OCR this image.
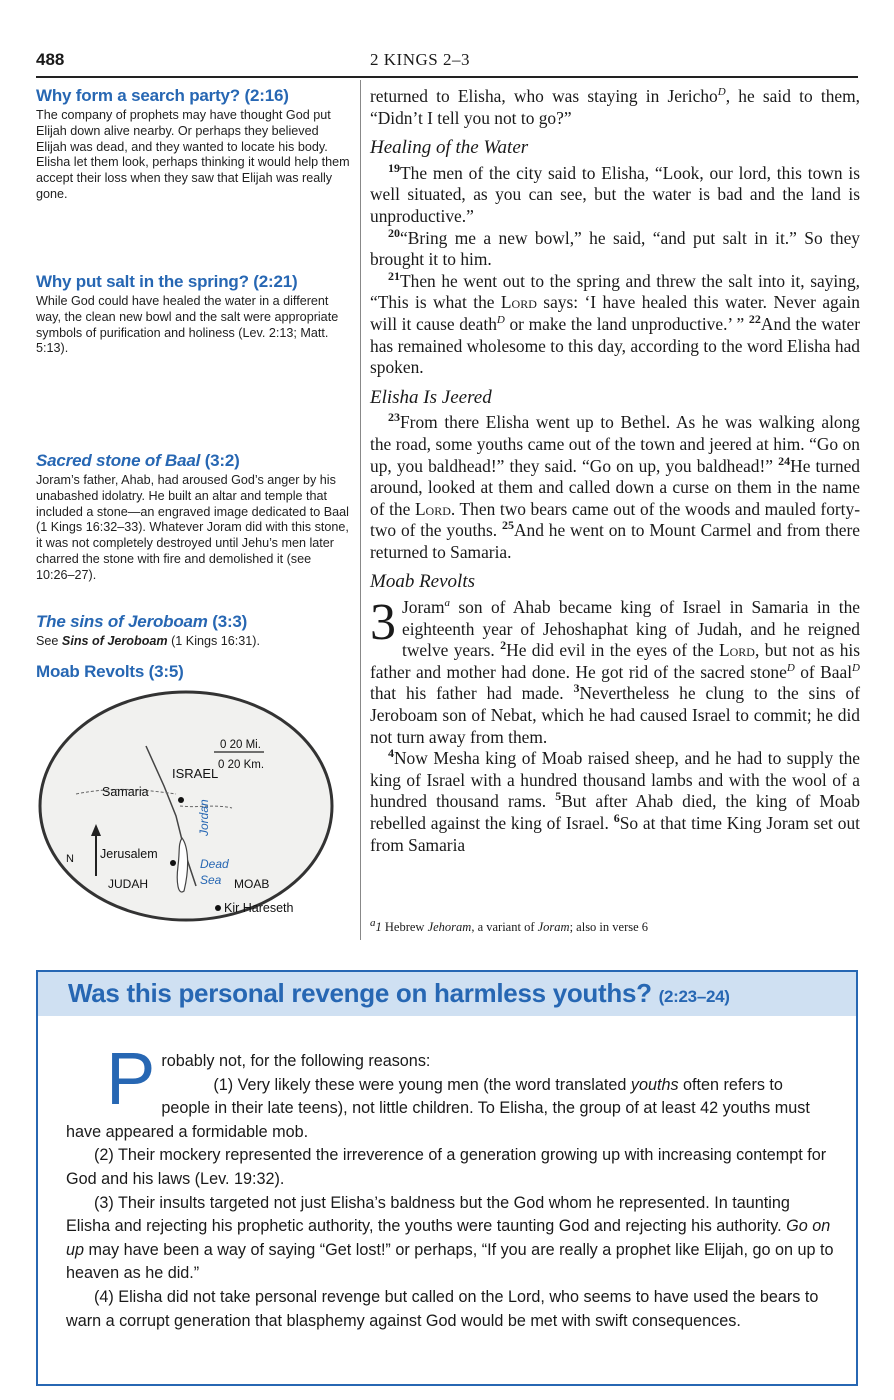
488	2 KINGS 2–3
Why form a search party? (2:16)

The company of prophets may have thought God put Elijah down alive nearby. Or perhaps they believed Elijah was dead, and they wanted to locate his body. Elisha let them look, perhaps thinking it would help them accept their loss when they saw that Elijah was really gone.

Why put salt in the spring? (2:21)

While God could have healed the water in a different way, the clean new bowl and the salt were appropriate symbols of purification and holiness (Lev. 2:13; Matt. 5:13).

Sacred stone of Baal (3:2)

Joram’s father, Ahab, had aroused God’s anger by his unabashed idolatry. He built an altar and temple that included a stone—an engraved image dedicated to Baal (1 Kings 16:32–33). Whatever Joram did with this stone, it was not completely destroyed until Jehu’s men later charred the stone with fire and demolished it (see 10:26–27).

The sins of Jeroboam (3:3)

See Sins of Jeroboam (1 Kings 16:31).

Moab Revolts (3:5)
ISRAEL
Samaria
Jordan
0 20 Mi.
0 20 Km.
N Jerusalem
Dead
Sea
JUDAH	MOAB
Kir Hareseth

returned to Elisha, who was staying in Jericho$^D$, he said to them, “Didn’t I tell you not to go?”

Healing of the Water

$^{19}$The men of the city said to Elisha, “Look, our lord, this town is well situated, as you can see, but the water is bad and the land is unproductive.”

$^{20}$“Bring me a new bowl,” he said, “and put salt in it.” So they brought it to him.

$^{21}$Then he went out to the spring and threw the salt into it, saying, “This is what the Lord says: ‘I have healed this water. Never again will it cause death$^D$ or make the land unproductive.’ ” $^{22}$And the water has remained wholesome to this day, according to the word Elisha had spoken.

Elisha Is Jeered

$^{23}$From there Elisha went up to Bethel. As he was walking along the road, some youths came out of the town and jeered at him. “Go on up, you baldhead!” they said. “Go on up, you baldhead!” $^{24}$He turned around, looked at them and called down a curse on them in the name of the Lord. Then two bears came out of the woods and mauled forty-two of the youths. $^{25}$And he went on to Mount Carmel and from there returned to Samaria.

Moab Revolts

3 Joram$^a$ son of Ahab became king of Israel in Samaria in the eighteenth year of Jehoshaphat king of Judah, and he reigned twelve years. $^2$He did evil in the eyes of the Lord, but not as his father and mother had done. He got rid of the sacred stone$^D$ of Baal$^D$ that his father had made. $^3$Nevertheless he clung to the sins of Jeroboam son of Nebat, which he had caused Israel to commit; he did not turn away from them.

$^4$Now Mesha king of Moab raised sheep, and he had to supply the king of Israel with a hundred thousand lambs and with the wool of a hundred thousand rams. $^5$But after Ahab died, the king of Moab rebelled against the king of Israel. $^6$So at that time King Joram set out from Samaria

a1 Hebrew Jehoram, a variant of Joram; also in verse 6
Was this personal revenge on harmless youths? (2:23–24)
P robably not, for the following reasons:

(1) Very likely these were young men (the word translated youths often refers to people in their late teens), not little children. To Elisha, the group of at least 42 youths must have appeared a formidable mob.

(2) Their mockery represented the irreverence of a generation growing up with increasing contempt for God and his laws (Lev. 19:32).

(3) Their insults targeted not just Elisha’s baldness but the God whom he represented. In taunting Elisha and rejecting his prophetic authority, the youths were taunting God and rejecting his authority. Go on up may have been a way of saying “Get lost!” or perhaps, “If you are really a prophet like Elijah, go on up to heaven as he did.”

(4) Elisha did not take personal revenge but called on the Lord, who seems to have used the bears to warn a corrupt generation that blasphemy against God would be met with swift consequences.
